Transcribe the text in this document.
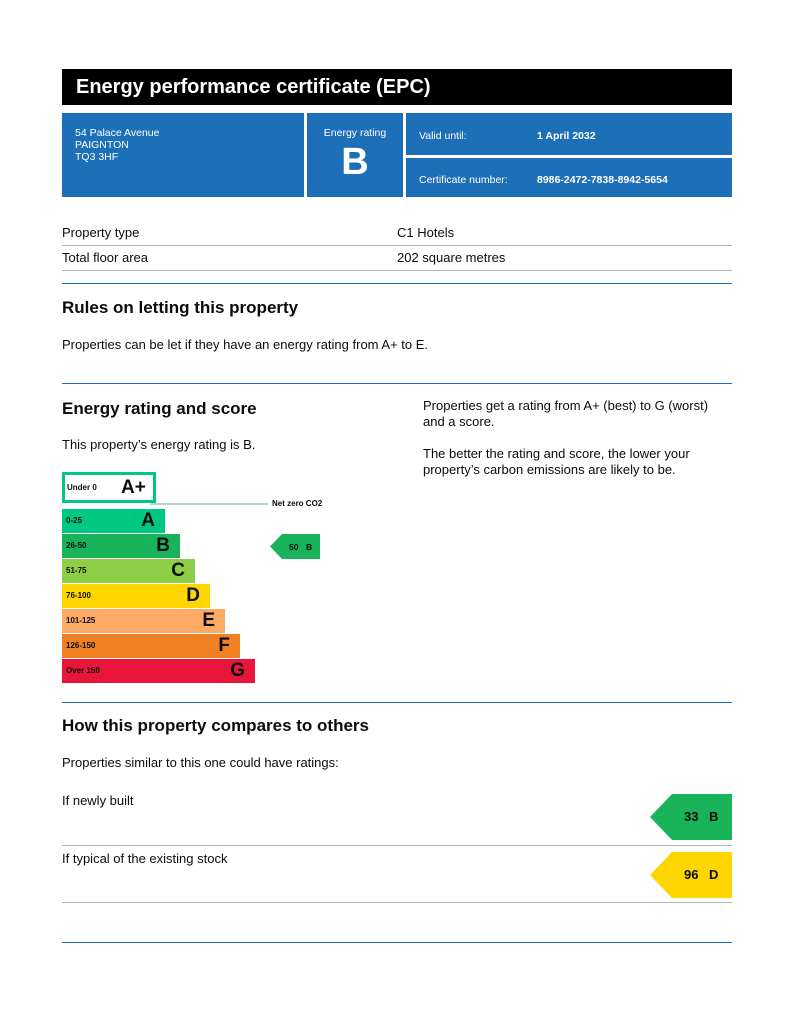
Energy performance certificate (EPC)
54 Palace Avenue
PAIGNTON
TQ3 3HF
Energy rating
B
Valid until:	1 April 2032
Certificate number:	8986-2472-7838-8942-5654
Property type	C1 Hotels
Total floor area	202 square metres
Rules on letting this property
Properties can be let if they have an energy rating from A+ to E.
Energy rating and score
This property’s energy rating is B.
Properties get a rating from A+ (best) to G (worst) and a score.
The better the rating and score, the lower your property’s carbon emissions are likely to be.
Under 0 A+
Net zero CO2
0-25	A
26-50	B
51-75	C
76-100	D
101-125	E
126-150	F
Over 150	G
50 B
How this property compares to others
Properties similar to this one could have ratings:
If newly built
33 B
If typical of the existing stock
96 D
